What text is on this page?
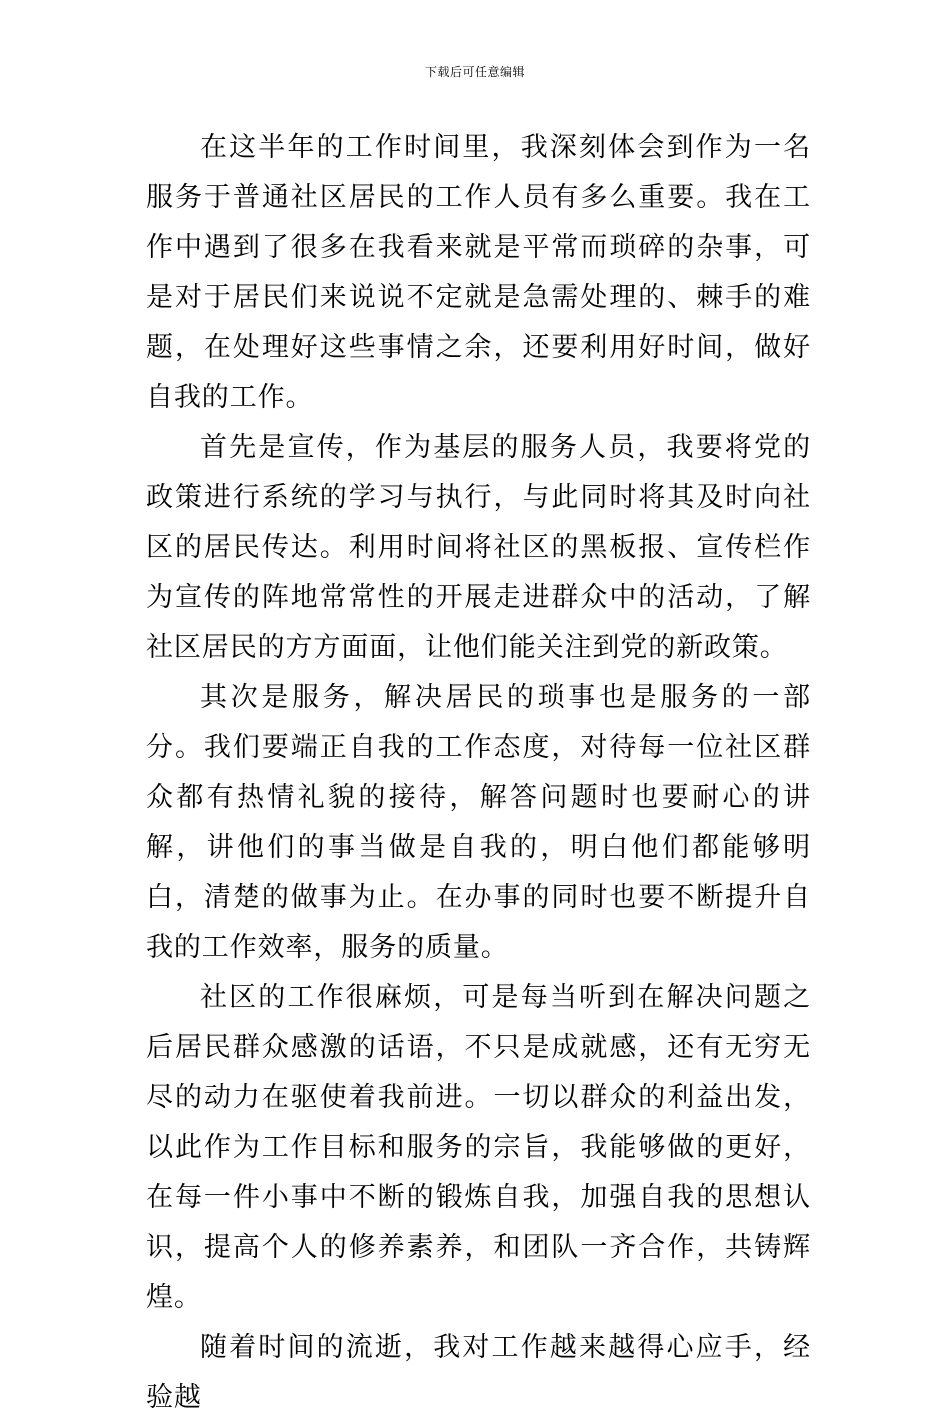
下载后可任意编辑

在这半年的工作时间里，我深刻体会到作为一名服务于普通社区居民的工作人员有多么重要。我在工作中遇到了很多在我看来就是平常而琐碎的杂事，可是对于居民们来说说不定就是急需处理的、棘手的难题，在处理好这些事情之余，还要利用好时间，做好自我的工作。

首先是宣传，作为基层的服务人员，我要将党的政策进行系统的学习与执行，与此同时将其及时向社区的居民传达。利用时间将社区的黑板报、宣传栏作为宣传的阵地常常性的开展走进群众中的活动，了解社区居民的方方面面，让他们能关注到党的新政策。

其次是服务，解决居民的琐事也是服务的一部分。我们要端正自我的工作态度，对待每一位社区群众都有热情礼貌的接待，解答问题时也要耐心的讲解，讲他们的事当做是自我的，明白他们都能够明白，清楚的做事为止。在办事的同时也要不断提升自我的工作效率，服务的质量。

社区的工作很麻烦，可是每当听到在解决问题之后居民群众感激的话语，不只是成就感，还有无穷无尽的动力在驱使着我前进。一切以群众的利益出发，以此作为工作目标和服务的宗旨，我能够做的更好，在每一件小事中不断的锻炼自我，加强自我的思想认识，提高个人的修养素养，和团队一齐合作，共铸辉煌。

随着时间的流逝，我对工作越来越得心应手，经验越
